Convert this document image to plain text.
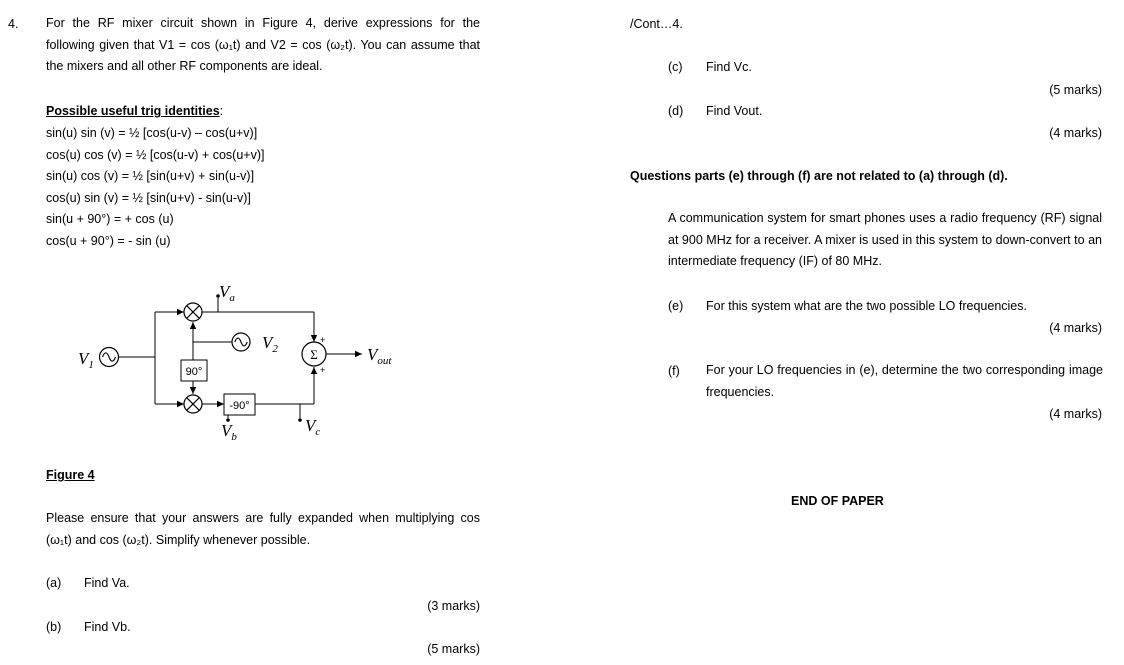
4. For the RF mixer circuit shown in Figure 4, derive expressions for the following given that V1 = cos (ω₁t) and V2 = cos (ω₂t). You can assume that the mixers and all other RF components are ideal.
Possible useful trig identities:
sin(u) sin (v) = ½ [cos(u-v) – cos(u+v)]
cos(u) cos (v) = ½ [cos(u-v) + cos(u+v)]
sin(u) cos (v) = ½ [sin(u+v) + sin(u-v)]
cos(u) sin (v) = ½ [sin(u+v) - sin(u-v)]
sin(u + 90°) = + cos (u)
cos(u + 90°) = - sin (u)
Σ
+
+
90°
-90°
$V_1$
$V_2$
$V_a$
$V_b$
$V_c$
$V_{out}$
Figure 4
Please ensure that your answers are fully expanded when multiplying cos (ω₁t) and cos (ω₂t). Simplify whenever possible.
(a) Find Va.
(3 marks)
(b) Find Vb.
(5 marks)
/Cont…4.
(c) Find Vc.
(5 marks)
(d) Find Vout.
(4 marks)
Questions parts (e) through (f) are not related to (a) through (d).
A communication system for smart phones uses a radio frequency (RF) signal at 900 MHz for a receiver. A mixer is used in this system to down-convert to an intermediate frequency (IF) of 80 MHz.
(e) For this system what are the two possible LO frequencies.
(4 marks)
(f) For your LO frequencies in (e), determine the two corresponding image frequencies.
(4 marks)
END OF PAPER
